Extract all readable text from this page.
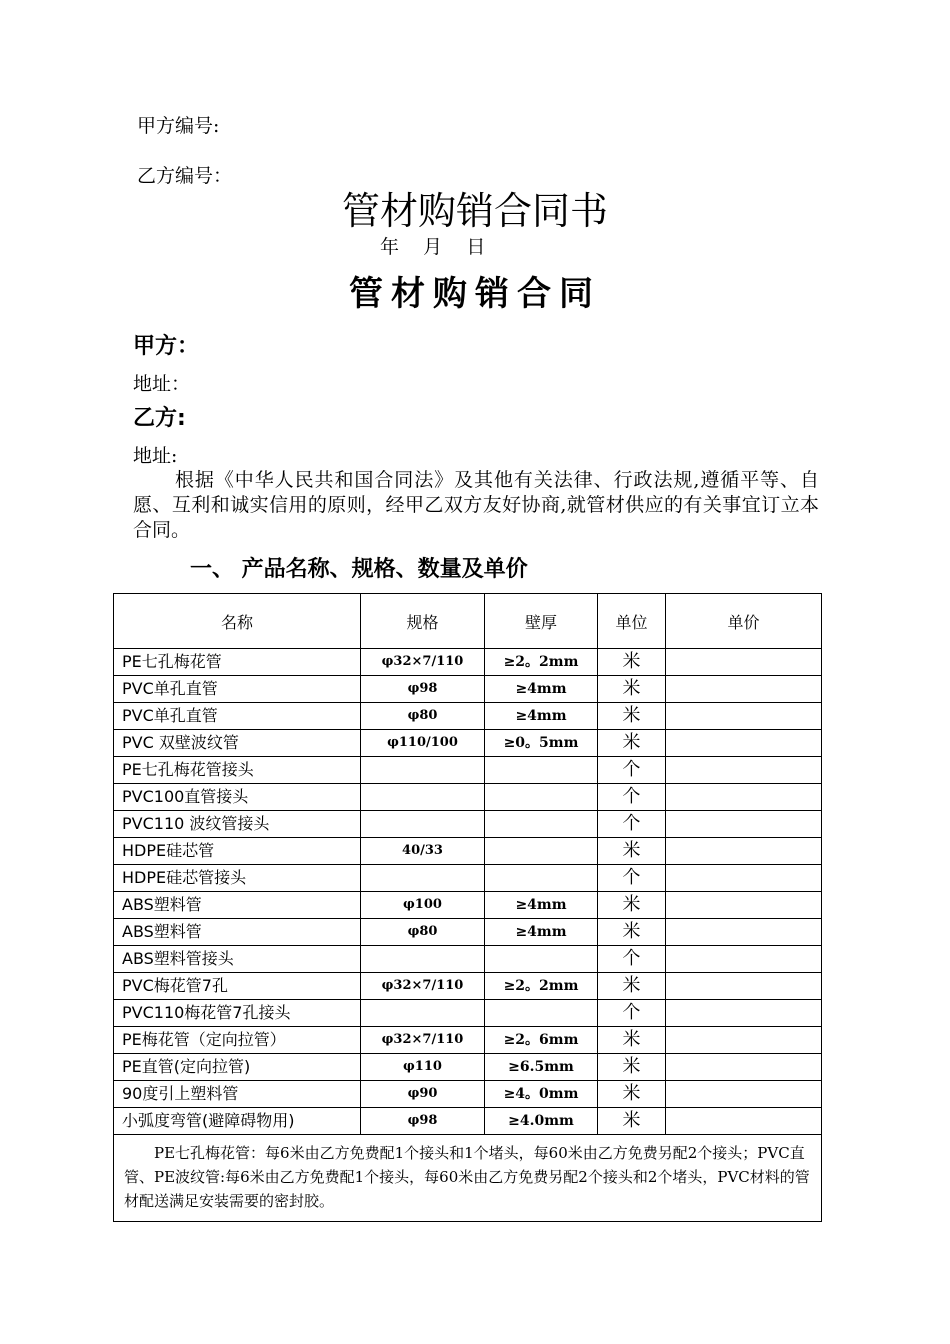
甲方编号:
乙方编号：
管材购销合同书
年    月    日
管材购销合同
甲方：
地址：
乙方:
地址:
根据《中华人民共和国合同法》及其他有关法律、行政法规,遵循平等、自愿、互利和诚实信用的原则，经甲乙双方友好协商,就管材供应的有关事宜订立本合同。
一、 产品名称、规格、数量及单价
名称	规格	壁厚	单位	单价
PE七孔梅花管	φ32×7/110	≥2。2mm	米	
PVC单孔直管	φ98	≥4mm	米	
PVC单孔直管	φ80	≥4mm	米	
PVC 双壁波纹管	φ110/100	≥0。5mm	米	
PE七孔梅花管接头			个	
PVC100直管接头			个	
PVC110 波纹管接头			个	
HDPE硅芯管	40/33		米	
HDPE硅芯管接头			个	
ABS塑料管	φ100	≥4mm	米	
ABS塑料管	φ80	≥4mm	米	
ABS塑料管接头			个	
PVC梅花管7孔	φ32×7/110	≥2。2mm	米	
PVC110梅花管7孔接头			个	
PE梅花管（定向拉管）	φ32×7/110	≥2。6mm	米	
PE直管(定向拉管)	φ110	≥6.5mm	米	
90度引上塑料管	φ90	≥4。0mm	米	
小弧度弯管(避障碍物用)	φ98	≥4.0mm	米	
PE七孔梅花管：每6米由乙方免费配1个接头和1个堵头，每60米由乙方免费另配2个接头；PVC直管、PE波纹管:每6米由乙方免费配1个接头，每60米由乙方免费另配2个接头和2个堵头，PVC材料的管材配送满足安装需要的密封胶。				
